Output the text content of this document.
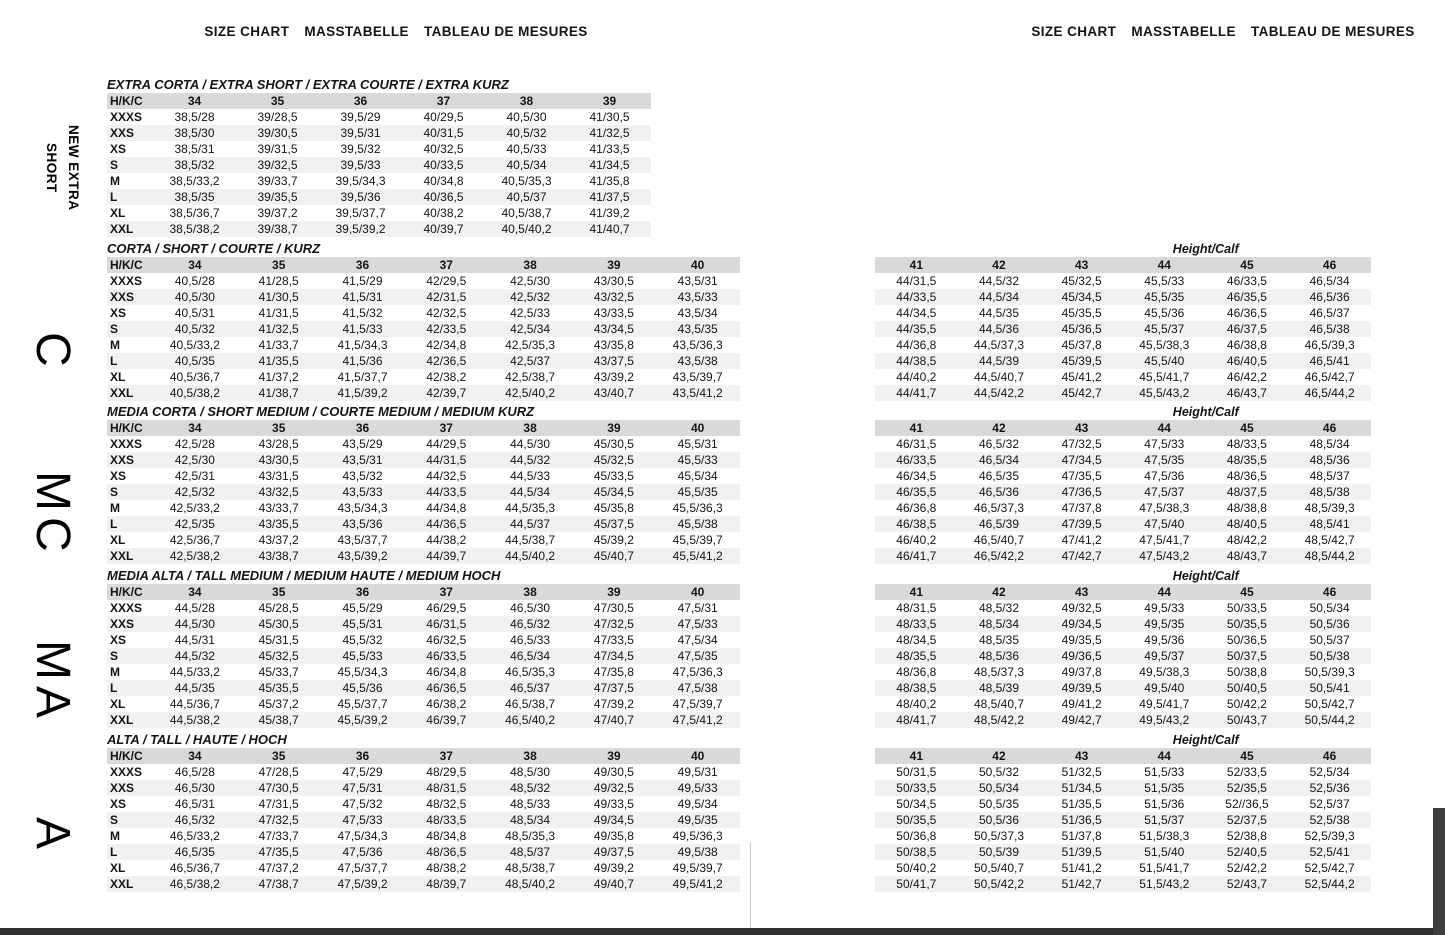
SIZE CHART MASSTABELLE TABLEAU DE MESURES	SIZE CHART MASSTABELLE TABLEAU DE MESURES
EXTRA CORTA / EXTRA SHORT / EXTRA COURTE / EXTRA KURZ
H/K/C	34	35	36	37	38	39
XXXS	38,5/28	39/28,5	39,5/29	40/29,5	40,5/30	41/30,5
XXS	38,5/30	39/30,5	39,5/31	40/31,5	40,5/32	41/32,5
XS	38,5/31	39/31,5	39,5/32	40/32,5	40,5/33	41/33,5
S	38,5/32	39/32,5	39,5/33	40/33,5	40,5/34	41/34,5
M	38,5/33,2	39/33,7	39,5/34,3	40/34,8	40,5/35,3	41/35,8
L	38,5/35	39/35,5	39,5/36	40/36,5	40,5/37	41/37,5
XL	38,5/36,7	39/37,2	39,5/37,7	40/38,2	40,5/38,7	41/39,2
XXL	38,5/38,2	39/38,7	39,5/39,2	40/39,7	40,5/40,2	41/40,7
NEW EXTRA
SHORT
CORTA / SHORT / COURTE / KURZ
H/K/C	34	35	36	37	38	39	40
XXXS	40,5/28	41/28,5	41,5/29	42/29,5	42,5/30	43/30,5	43,5/31
XXS	40,5/30	41/30,5	41,5/31	42/31,5	42,5/32	43/32,5	43,5/33
XS	40,5/31	41/31,5	41,5/32	42/32,5	42,5/33	43/33,5	43,5/34
S	40,5/32	41/32,5	41,5/33	42/33,5	42,5/34	43/34,5	43,5/35
M	40,5/33,2	41/33,7	41,5/34,3	42/34,8	42,5/35,3	43/35,8	43,5/36,3
L	40,5/35	41/35,5	41,5/36	42/36,5	42,5/37	43/37,5	43,5/38
XL	40,5/36,7	41/37,2	41,5/37,7	42/38,2	42,5/38,7	43/39,2	43,5/39,7
XXL	40,5/38,2	41/38,7	41,5/39,2	42/39,7	42,5/40,2	43/40,7	43,5/41,2
Height/Calf
41	42	43	44	45	46
44/31,5	44,5/32	45/32,5	45,5/33	46/33,5	46,5/34
44/33,5	44,5/34	45/34,5	45,5/35	46/35,5	46,5/36
44/34,5	44,5/35	45/35,5	45,5/36	46/36,5	46,5/37
44/35,5	44,5/36	45/36,5	45,5/37	46/37,5	46,5/38
44/36,8	44,5/37,3	45/37,8	45,5/38,3	46/38,8	46,5/39,3
44/38,5	44,5/39	45/39,5	45,5/40	46/40,5	46,5/41
44/40,2	44,5/40,7	45/41,2	45,5/41,7	46/42,2	46,5/42,7
44/41,7	44,5/42,2	45/42,7	45,5/43,2	46/43,7	46,5/44,2
C
MEDIA CORTA / SHORT MEDIUM / COURTE MEDIUM / MEDIUM KURZ
H/K/C	34	35	36	37	38	39	40
XXXS	42,5/28	43/28,5	43,5/29	44/29,5	44,5/30	45/30,5	45,5/31
XXS	42,5/30	43/30,5	43,5/31	44/31,5	44,5/32	45/32,5	45,5/33
XS	42,5/31	43/31,5	43,5/32	44/32,5	44,5/33	45/33,5	45,5/34
S	42,5/32	43/32,5	43,5/33	44/33,5	44,5/34	45/34,5	45,5/35
M	42,5/33,2	43/33,7	43,5/34,3	44/34,8	44,5/35,3	45/35,8	45,5/36,3
L	42,5/35	43/35,5	43,5/36	44/36,5	44,5/37	45/37,5	45,5/38
XL	42,5/36,7	43/37,2	43,5/37,7	44/38,2	44,5/38,7	45/39,2	45,5/39,7
XXL	42,5/38,2	43/38,7	43,5/39,2	44/39,7	44,5/40,2	45/40,7	45,5/41,2
Height/Calf
41	42	43	44	45	46
46/31,5	46,5/32	47/32,5	47,5/33	48/33,5	48,5/34
46/33,5	46,5/34	47/34,5	47,5/35	48/35,5	48,5/36
46/34,5	46,5/35	47/35,5	47,5/36	48/36,5	48,5/37
46/35,5	46,5/36	47/36,5	47,5/37	48/37,5	48,5/38
46/36,8	46,5/37,3	47/37,8	47,5/38,3	48/38,8	48,5/39,3
46/38,5	46,5/39	47/39,5	47,5/40	48/40,5	48,5/41
46/40,2	46,5/40,7	47/41,2	47,5/41,7	48/42,2	48,5/42,7
46/41,7	46,5/42,2	47/42,7	47,5/43,2	48/43,7	48,5/44,2
MC
MEDIA ALTA / TALL MEDIUM / MEDIUM HAUTE / MEDIUM HOCH
H/K/C	34	35	36	37	38	39	40
XXXS	44,5/28	45/28,5	45,5/29	46/29,5	46,5/30	47/30,5	47,5/31
XXS	44,5/30	45/30,5	45,5/31	46/31,5	46,5/32	47/32,5	47,5/33
XS	44,5/31	45/31,5	45,5/32	46/32,5	46,5/33	47/33,5	47,5/34
S	44,5/32	45/32,5	45,5/33	46/33,5	46,5/34	47/34,5	47,5/35
M	44,5/33,2	45/33,7	45,5/34,3	46/34,8	46,5/35,3	47/35,8	47,5/36,3
L	44,5/35	45/35,5	45,5/36	46/36,5	46,5/37	47/37,5	47,5/38
XL	44,5/36,7	45/37,2	45,5/37,7	46/38,2	46,5/38,7	47/39,2	47,5/39,7
XXL	44,5/38,2	45/38,7	45,5/39,2	46/39,7	46,5/40,2	47/40,7	47,5/41,2
Height/Calf
41	42	43	44	45	46
48/31,5	48,5/32	49/32,5	49,5/33	50/33,5	50,5/34
48/33,5	48,5/34	49/34,5	49,5/35	50/35,5	50,5/36
48/34,5	48,5/35	49/35,5	49,5/36	50/36,5	50,5/37
48/35,5	48,5/36	49/36,5	49,5/37	50/37,5	50,5/38
48/36,8	48,5/37,3	49/37,8	49,5/38,3	50/38,8	50,5/39,3
48/38,5	48,5/39	49/39,5	49,5/40	50/40,5	50,5/41
48/40,2	48,5/40,7	49/41,2	49,5/41,7	50/42,2	50,5/42,7
48/41,7	48,5/42,2	49/42,7	49,5/43,2	50/43,7	50,5/44,2
MA
ALTA / TALL / HAUTE / HOCH
H/K/C	34	35	36	37	38	39	40
XXXS	46,5/28	47/28,5	47,5/29	48/29,5	48,5/30	49/30,5	49,5/31
XXS	46,5/30	47/30,5	47,5/31	48/31,5	48,5/32	49/32,5	49,5/33
XS	46,5/31	47/31,5	47,5/32	48/32,5	48,5/33	49/33,5	49,5/34
S	46,5/32	47/32,5	47,5/33	48/33,5	48,5/34	49/34,5	49,5/35
M	46,5/33,2	47/33,7	47,5/34,3	48/34,8	48,5/35,3	49/35,8	49,5/36,3
L	46,5/35	47/35,5	47,5/36	48/36,5	48,5/37	49/37,5	49,5/38
XL	46,5/36,7	47/37,2	47,5/37,7	48/38,2	48,5/38,7	49/39,2	49,5/39,7
XXL	46,5/38,2	47/38,7	47,5/39,2	48/39,7	48,5/40,2	49/40,7	49,5/41,2
Height/Calf
41	42	43	44	45	46
50/31,5	50,5/32	51/32,5	51,5/33	52/33,5	52,5/34
50/33,5	50,5/34	51/34,5	51,5/35	52/35,5	52,5/36
50/34,5	50,5/35	51/35,5	51,5/36	52//36,5	52,5/37
50/35,5	50,5/36	51/36,5	51,5/37	52/37,5	52,5/38
50/36,8	50,5/37,3	51/37,8	51,5/38,3	52/38,8	52,5/39,3
50/38,5	50,5/39	51/39,5	51,5/40	52/40,5	52,5/41
50/40,2	50,5/40,7	51/41,2	51,5/41,7	52/42,2	52,5/42,7
50/41,7	50,5/42,2	51/42,7	51,5/43,2	52/43,7	52,5/44,2
A
